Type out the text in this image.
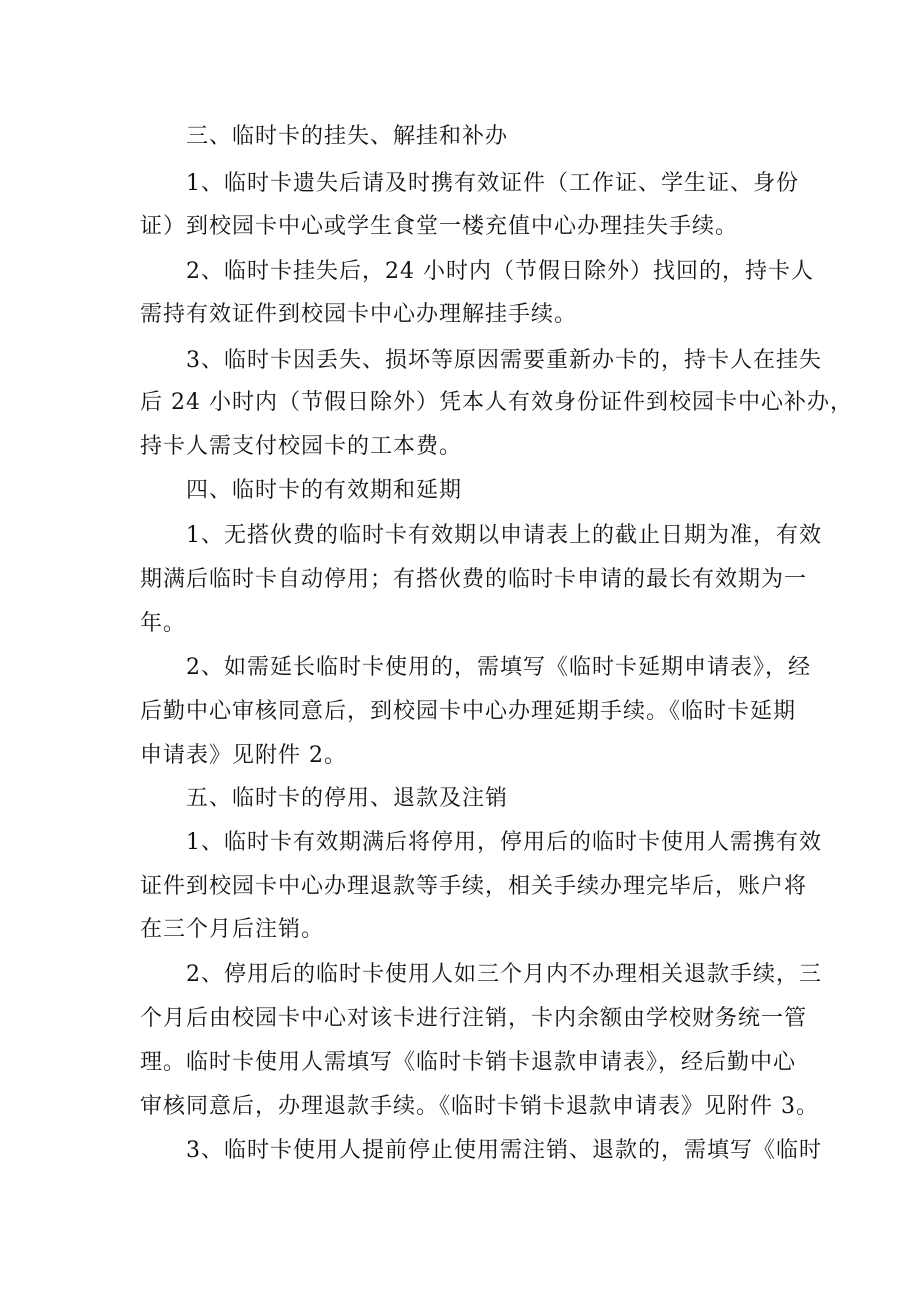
三、临时卡的挂失、解挂和补办
1、临时卡遗失后请及时携有效证件（工作证、学生证、身份
证）到校园卡中心或学生食堂一楼充值中心办理挂失手续。
2、临时卡挂失后，24 小时内（节假日除外）找回的，持卡人
需持有效证件到校园卡中心办理解挂手续。
3、临时卡因丢失、损坏等原因需要重新办卡的，持卡人在挂失
后 24 小时内（节假日除外）凭本人有效身份证件到校园卡中心补办，
持卡人需支付校园卡的工本费。
四、临时卡的有效期和延期
1、无搭伙费的临时卡有效期以申请表上的截止日期为准，有效
期满后临时卡自动停用；有搭伙费的临时卡申请的最长有效期为一
年。
2、如需延长临时卡使用的，需填写《临时卡延期申请表》，经
后勤中心审核同意后，到校园卡中心办理延期手续。《临时卡延期
申请表》见附件 2。
五、临时卡的停用、退款及注销
1、临时卡有效期满后将停用，停用后的临时卡使用人需携有效
证件到校园卡中心办理退款等手续，相关手续办理完毕后，账户将
在三个月后注销。
2、停用后的临时卡使用人如三个月内不办理相关退款手续，三
个月后由校园卡中心对该卡进行注销，卡内余额由学校财务统一管
理。临时卡使用人需填写《临时卡销卡退款申请表》，经后勤中心
审核同意后，办理退款手续。《临时卡销卡退款申请表》见附件 3。
3、临时卡使用人提前停止使用需注销、退款的，需填写《临时
